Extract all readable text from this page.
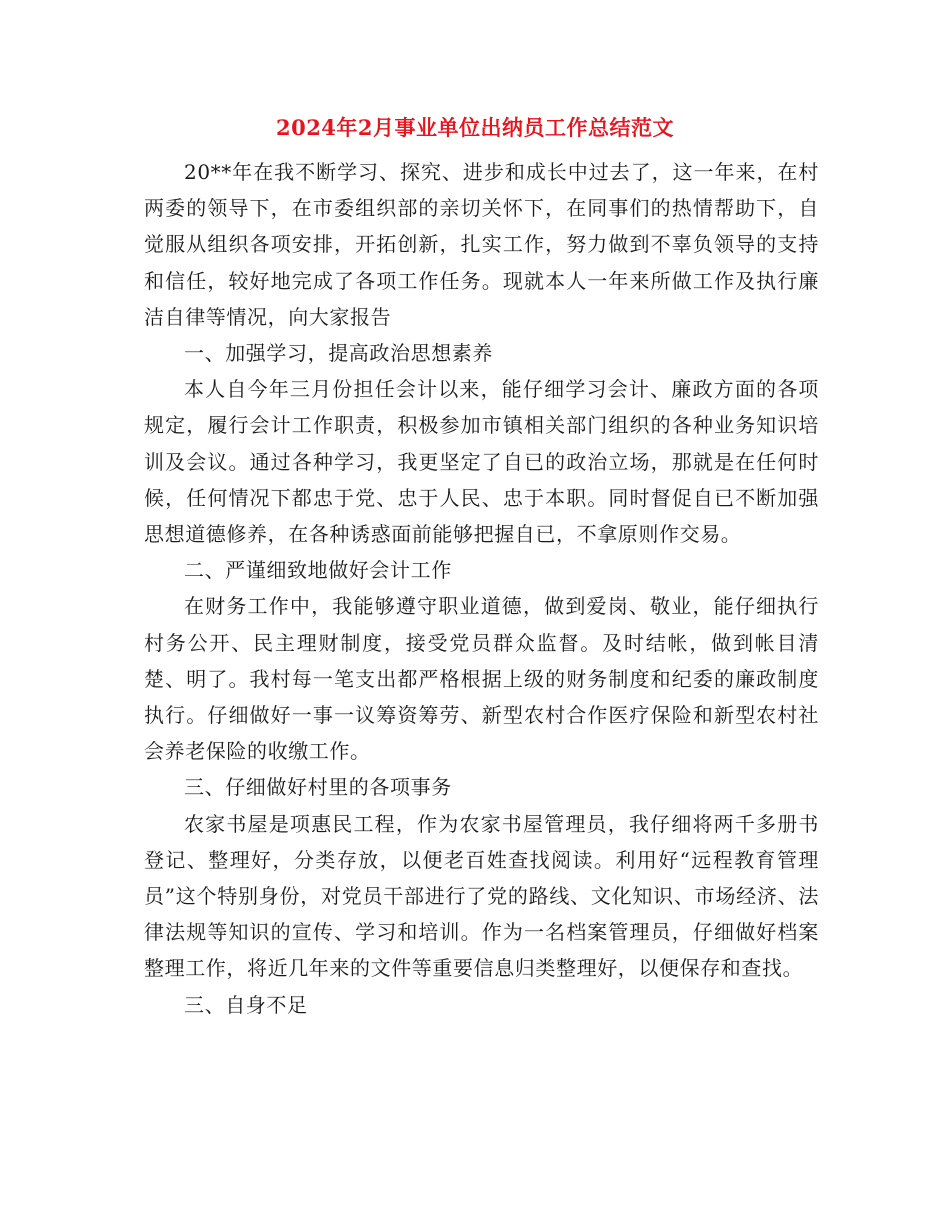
2024年2月事业单位出纳员工作总结范文

20**年在我不断学习、探究、进步和成长中过去了，这一年来，在村两委的领导下，在市委组织部的亲切关怀下，在同事们的热情帮助下，自觉服从组织各项安排，开拓创新，扎实工作，努力做到不辜负领导的支持和信任，较好地完成了各项工作任务。现就本人一年来所做工作及执行廉洁自律等情况，向大家报告

一、加强学习，提高政治思想素养

本人自今年三月份担任会计以来，能仔细学习会计、廉政方面的各项规定，履行会计工作职责，积极参加市镇相关部门组织的各种业务知识培训及会议。通过各种学习，我更坚定了自已的政治立场，那就是在任何时候，任何情况下都忠于党、忠于人民、忠于本职。同时督促自已不断加强思想道德修养，在各种诱惑面前能够把握自已，不拿原则作交易。

二、严谨细致地做好会计工作

在财务工作中，我能够遵守职业道德，做到爱岗、敬业，能仔细执行村务公开、民主理财制度，接受党员群众监督。及时结帐，做到帐目清楚、明了。我村每一笔支出都严格根据上级的财务制度和纪委的廉政制度执行。仔细做好一事一议筹资筹劳、新型农村合作医疗保险和新型农村社会养老保险的收缴工作。

三、仔细做好村里的各项事务

农家书屋是项惠民工程，作为农家书屋管理员，我仔细将两千多册书登记、整理好，分类存放，以便老百姓查找阅读。利用好“远程教育管理员”这个特别身份，对党员干部进行了党的路线、文化知识、市场经济、法律法规等知识的宣传、学习和培训。作为一名档案管理员，仔细做好档案整理工作，将近几年来的文件等重要信息归类整理好，以便保存和查找。

三、自身不足
